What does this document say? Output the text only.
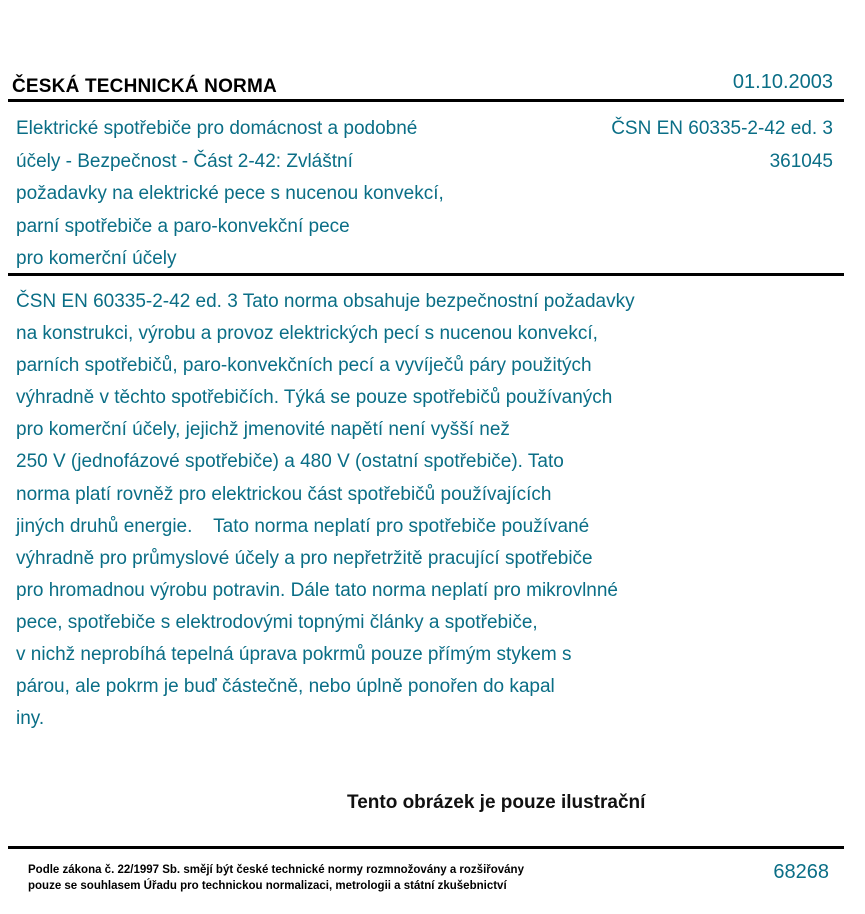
ČESKÁ TECHNICKÁ NORMA	01.10.2003
Elektrické spotřebiče pro domácnost a podobné
účely - Bezpečnost - Část 2-42: Zvláštní
požadavky na elektrické pece s nucenou konvekcí,
parní spotřebiče a paro-konvekční pece
pro komerční účely
ČSN EN 60335-2-42 ed. 3
361045
ČSN EN 60335-2-42 ed. 3 Tato norma obsahuje bezpečnostní požadavky
na konstrukci, výrobu a provoz elektrických pecí s nucenou konvekcí,
parních spotřebičů, paro-konvekčních pecí a vyvíječů páry použitých
výhradně v těchto spotřebičích. Týká se pouze spotřebičů používaných
pro komerční účely, jejichž jmenovité napětí není vyšší než
250 V (jednofázové spotřebiče) a 480 V (ostatní spotřebiče). Tato
norma platí rovněž pro elektrickou část spotřebičů používajících
jiných druhů energie.    Tato norma neplatí pro spotřebiče používané
výhradně pro průmyslové účely a pro nepřetržitě pracující spotřebiče
pro hromadnou výrobu potravin. Dále tato norma neplatí pro mikrovlnné
pece, spotřebiče s elektrodovými topnými články a spotřebiče,
v nichž neprobíhá tepelná úprava pokrmů pouze přímým stykem s
párou, ale pokrm je buď částečně, nebo úplně ponořen do kapal
iny.
Tento obrázek je pouze ilustrační
Podle zákona č. 22/1997 Sb. smějí být české technické normy rozmnožovány a rozšiřovány
pouze se souhlasem Úřadu pro technickou normalizaci, metrologii a státní zkušebnictví
68268
